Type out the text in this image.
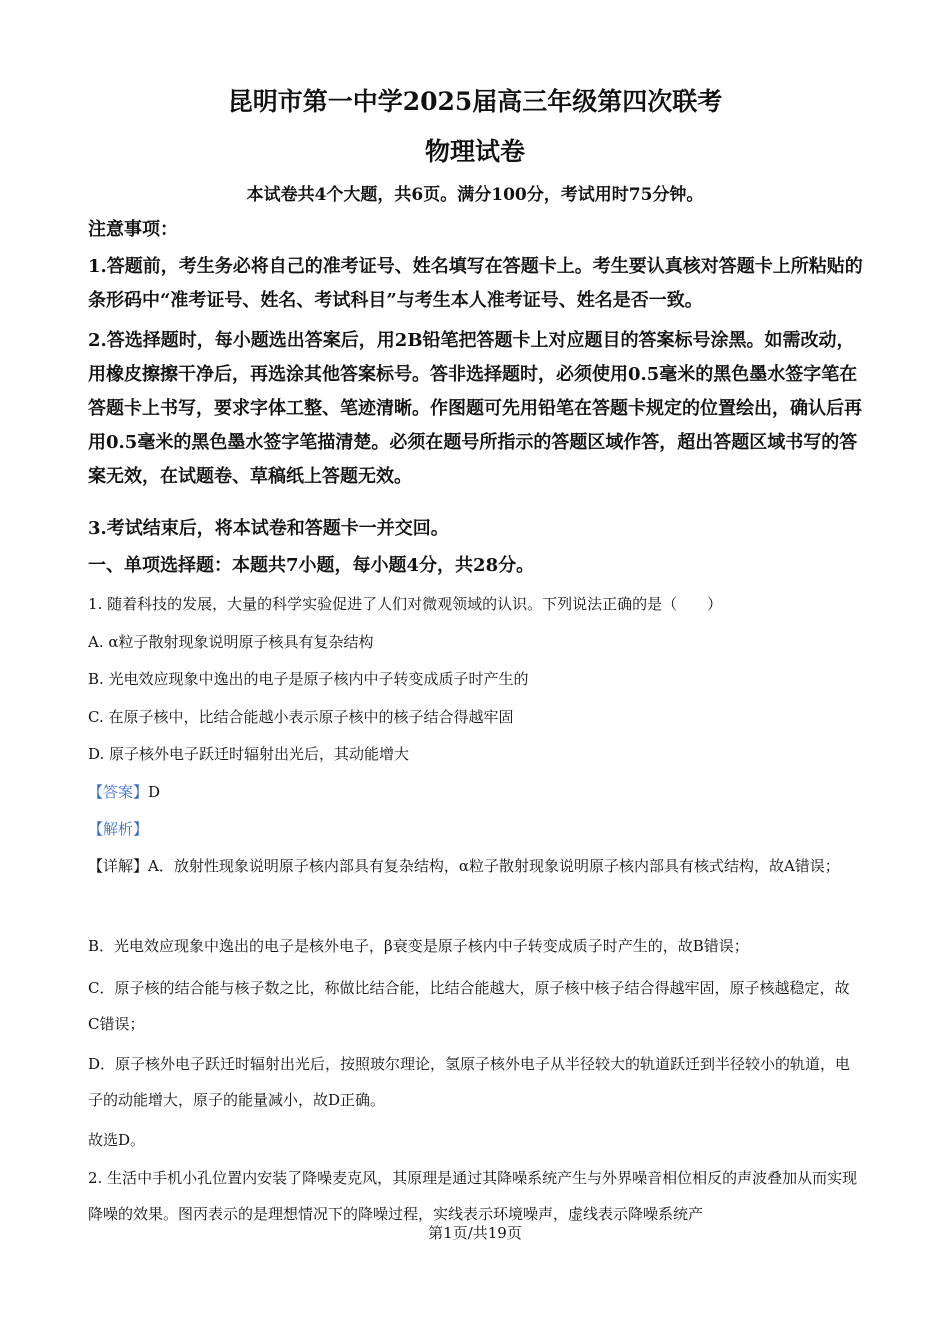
昆明市第一中学2025届高三年级第四次联考

物理试卷

本试卷共4个大题，共6页。满分100分，考试用时75分钟。

注意事项：

1.答题前，考生务必将自己的准考证号、姓名填写在答题卡上。考生要认真核对答题卡上所粘贴的条形码中“准考证号、姓名、考试科目”与考生本人准考证号、姓名是否一致。

2.答选择题时，每小题选出答案后，用2B铅笔把答题卡上对应题目的答案标号涂黑。如需改动，用橡皮擦擦干净后，再选涂其他答案标号。答非选择题时，必须使用0.5毫米的黑色墨水签字笔在答题卡上书写，要求字体工整、笔迹清晰。作图题可先用铅笔在答题卡规定的位置绘出，确认后再用0.5毫米的黑色墨水签字笔描清楚。必须在题号所指示的答题区域作答，超出答题区域书写的答案无效，在试题卷、草稿纸上答题无效。

3.考试结束后，将本试卷和答题卡一并交回。

一、单项选择题：本题共7小题，每小题4分，共28分。

1. 随着科技的发展，大量的科学实验促进了人们对微观领域的认识。下列说法正确的是（　　）

A. α粒子散射现象说明原子核具有复杂结构

B. 光电效应现象中逸出的电子是原子核内中子转变成质子时产生的

C. 在原子核中，比结合能越小表示原子核中的核子结合得越牢固

D. 原子核外电子跃迁时辐射出光后，其动能增大

【答案】D

【解析】

【详解】A．放射性现象说明原子核内部具有复杂结构，α粒子散射现象说明原子核内部具有核式结构，故A错误；

B．光电效应现象中逸出的电子是核外电子，β衰变是原子核内中子转变成质子时产生的，故B错误；

C．原子核的结合能与核子数之比，称做比结合能，比结合能越大，原子核中核子结合得越牢固，原子核越稳定，故 C错误；

D．原子核外电子跃迁时辐射出光后，按照玻尔理论，氢原子核外电子从半径较大的轨道跃迁到半径较小的轨道，电子的动能增大，原子的能量减小，故D正确。

故选D。

2. 生活中手机小孔位置内安装了降噪麦克风，其原理是通过其降噪系统产生与外界噪音相位相反的声波叠加从而实现降噪的效果。图丙表示的是理想情况下的降噪过程，实线表示环境噪声，虚线表示降噪系统产

第1页/共19页
